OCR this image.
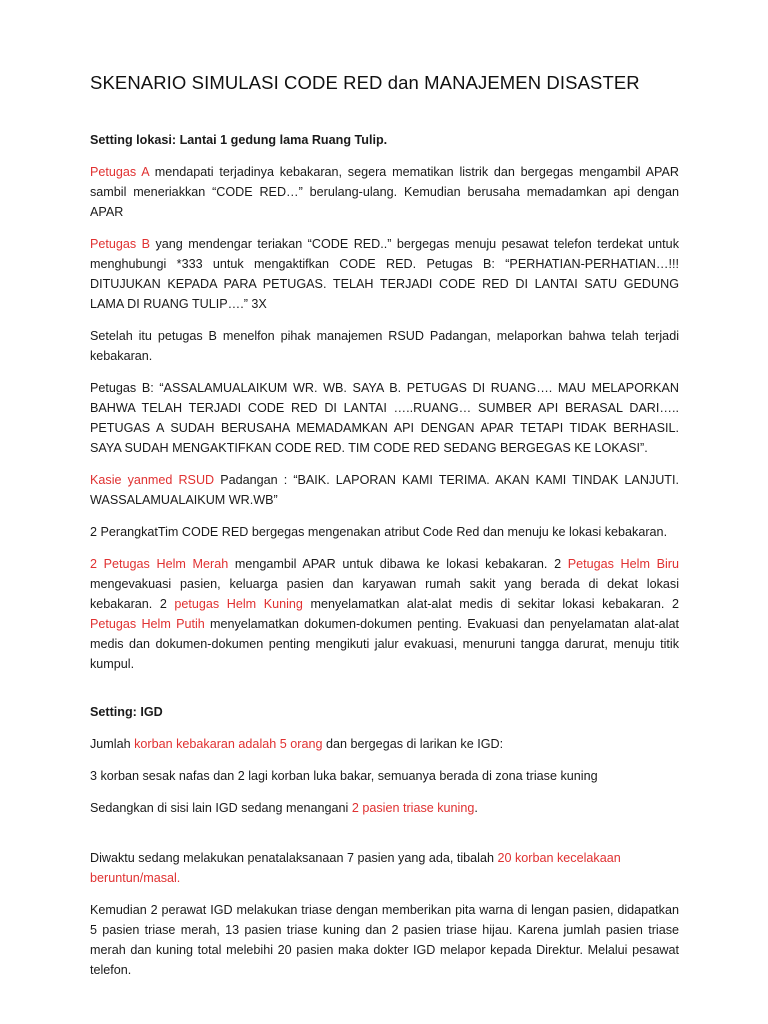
SKENARIO SIMULASI CODE RED dan MANAJEMEN DISASTER

Setting lokasi: Lantai 1 gedung lama Ruang Tulip.

Petugas A mendapati terjadinya kebakaran, segera mematikan listrik dan bergegas mengambil APAR sambil meneriakkan “CODE RED…” berulang-ulang. Kemudian berusaha memadamkan api dengan APAR

Petugas B yang mendengar teriakan “CODE RED..” bergegas menuju pesawat telefon terdekat untuk menghubungi *333 untuk mengaktifkan CODE RED. Petugas B: “PERHATIAN-PERHATIAN…!!! DITUJUKAN KEPADA PARA PETUGAS. TELAH TERJADI CODE RED DI LANTAI SATU GEDUNG LAMA DI RUANG TULIP….” 3X

Setelah itu petugas B menelfon pihak manajemen RSUD Padangan, melaporkan bahwa telah terjadi kebakaran.

Petugas B: “ASSALAMUALAIKUM WR. WB. SAYA B. PETUGAS DI RUANG…. MAU MELAPORKAN BAHWA TELAH TERJADI CODE RED DI LANTAI …..RUANG… SUMBER API BERASAL DARI….. PETUGAS A SUDAH BERUSAHA MEMADAMKAN API DENGAN APAR TETAPI TIDAK BERHASIL. SAYA SUDAH MENGAKTIFKAN CODE RED. TIM CODE RED SEDANG BERGEGAS KE LOKASI”.

Kasie yanmed RSUD Padangan : “BAIK. LAPORAN KAMI TERIMA. AKAN KAMI TINDAK LANJUTI. WASSALAMUALAIKUM WR.WB”

2 PerangkatTim CODE RED bergegas mengenakan atribut Code Red dan menuju ke lokasi kebakaran.

2 Petugas Helm Merah mengambil APAR untuk dibawa ke lokasi kebakaran. 2 Petugas Helm Biru mengevakuasi pasien, keluarga pasien dan karyawan rumah sakit yang berada di dekat lokasi kebakaran. 2 petugas Helm Kuning menyelamatkan alat-alat medis di sekitar lokasi kebakaran. 2 Petugas Helm Putih menyelamatkan dokumen-dokumen penting. Evakuasi dan penyelamatan alat-alat medis dan dokumen-dokumen penting mengikuti jalur evakuasi, menuruni tangga darurat, menuju titik kumpul.

Setting: IGD

Jumlah korban kebakaran adalah 5 orang dan bergegas di larikan ke IGD:

3 korban sesak nafas dan 2 lagi korban luka bakar, semuanya berada di zona triase kuning

Sedangkan di sisi lain IGD sedang menangani 2 pasien triase kuning.

Diwaktu sedang melakukan penatalaksanaan 7 pasien yang ada, tibalah 20 korban kecelakaan beruntun/masal.

Kemudian 2 perawat IGD melakukan triase dengan memberikan pita warna di lengan pasien, didapatkan 5 pasien triase merah, 13 pasien triase kuning dan 2 pasien triase hijau. Karena jumlah pasien triase merah dan kuning total melebihi 20 pasien maka dokter IGD melapor kepada Direktur. Melalui pesawat telefon.
